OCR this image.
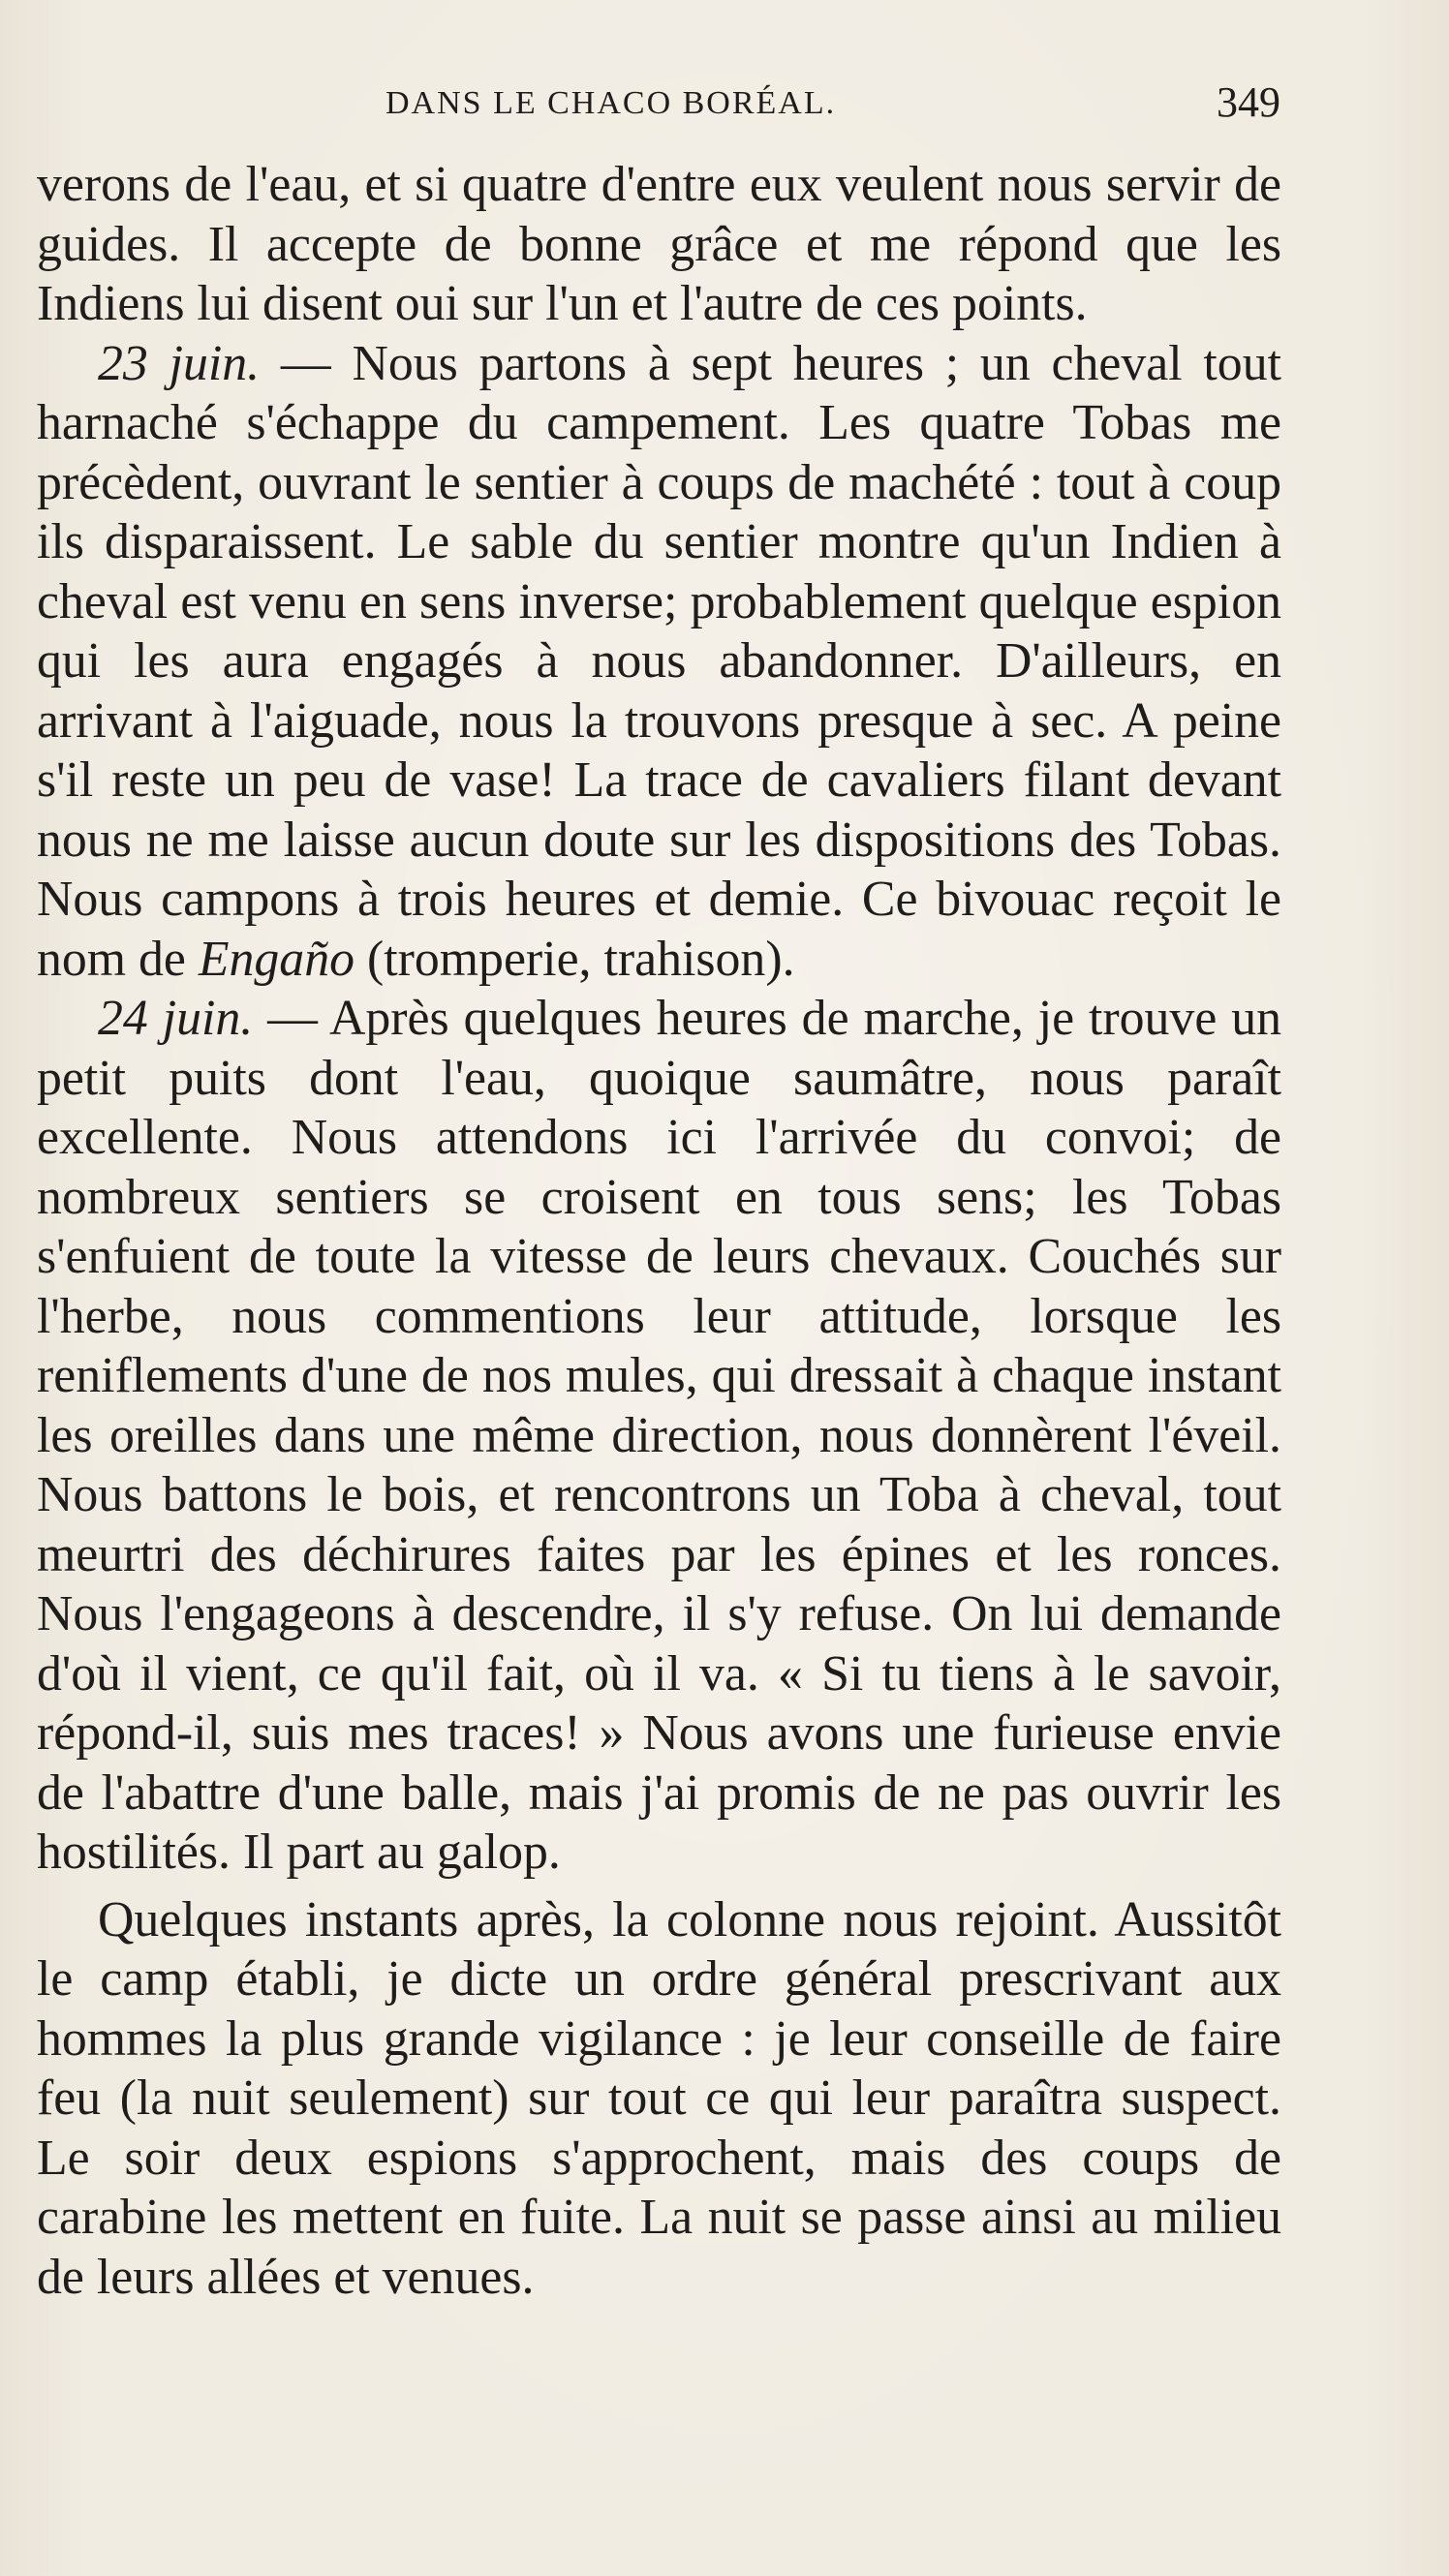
DANS LE CHACO BORÉAL.	349

verons de l'eau, et si quatre d'entre eux veulent nous servir de guides. Il accepte de bonne grâce et me répond que les Indiens lui disent oui sur l'un et l'autre de ces points.

23 juin. — Nous partons à sept heures ; un cheval tout harnaché s'échappe du campement. Les quatre Tobas me précèdent, ouvrant le sentier à coups de machété : tout à coup ils disparaissent. Le sable du sentier montre qu'un Indien à cheval est venu en sens inverse; probablement quelque espion qui les aura engagés à nous abandonner. D'ailleurs, en arrivant à l'aiguade, nous la trouvons presque à sec. A peine s'il reste un peu de vase! La trace de cavaliers filant devant nous ne me laisse aucun doute sur les dispositions des Tobas. Nous campons à trois heures et demie. Ce bivouac reçoit le nom de Engaño (tromperie, trahison).

24 juin. — Après quelques heures de marche, je trouve un petit puits dont l'eau, quoique saumâtre, nous paraît excellente. Nous attendons ici l'arrivée du convoi; de nombreux sentiers se croisent en tous sens; les Tobas s'enfuient de toute la vitesse de leurs chevaux. Couchés sur l'herbe, nous commentions leur attitude, lorsque les reniflements d'une de nos mules, qui dressait à chaque instant les oreilles dans une même direction, nous donnèrent l'éveil. Nous battons le bois, et rencontrons un Toba à cheval, tout meurtri des déchirures faites par les épines et les ronces. Nous l'engageons à descendre, il s'y refuse. On lui demande d'où il vient, ce qu'il fait, où il va. « Si tu tiens à le savoir, répond-il, suis mes traces! » Nous avons une furieuse envie de l'abattre d'une balle, mais j'ai promis de ne pas ouvrir les hostilités. Il part au galop.

Quelques instants après, la colonne nous rejoint. Aussitôt le camp établi, je dicte un ordre général prescrivant aux hommes la plus grande vigilance : je leur conseille de faire feu (la nuit seulement) sur tout ce qui leur paraîtra suspect. Le soir deux espions s'approchent, mais des coups de carabine les mettent en fuite. La nuit se passe ainsi au milieu de leurs allées et venues.
